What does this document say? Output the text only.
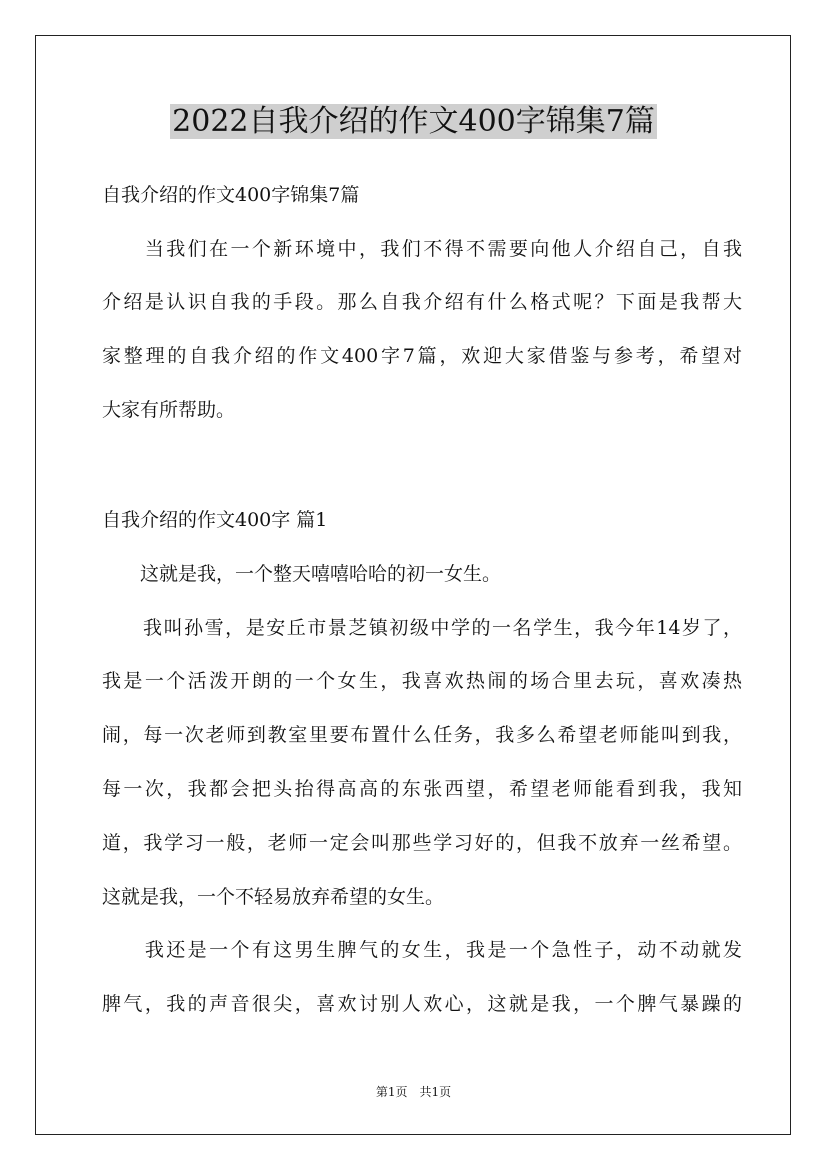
2022自我介绍的作文400字锦集7篇
自我介绍的作文400字锦集7篇
　　当我们在一个新环境中，我们不得不需要向他人介绍自己，自我
介绍是认识自我的手段。那么自我介绍有什么格式呢？下面是我帮大
家整理的自我介绍的作文400字7篇，欢迎大家借鉴与参考，希望对
大家有所帮助。
自我介绍的作文400字 篇1
　　这就是我，一个整天嘻嘻哈哈的初一女生。
　　我叫孙雪，是安丘市景芝镇初级中学的一名学生，我今年14岁了，
我是一个活泼开朗的一个女生，我喜欢热闹的场合里去玩，喜欢凑热
闹，每一次老师到教室里要布置什么任务，我多么希望老师能叫到我，
每一次，我都会把头抬得高高的东张西望，希望老师能看到我，我知
道，我学习一般，老师一定会叫那些学习好的，但我不放弃一丝希望。
这就是我，一个不轻易放弃希望的女生。
　　我还是一个有这男生脾气的女生，我是一个急性子，动不动就发
脾气，我的声音很尖，喜欢讨别人欢心，这就是我，一个脾气暴躁的
第1页　共1页
